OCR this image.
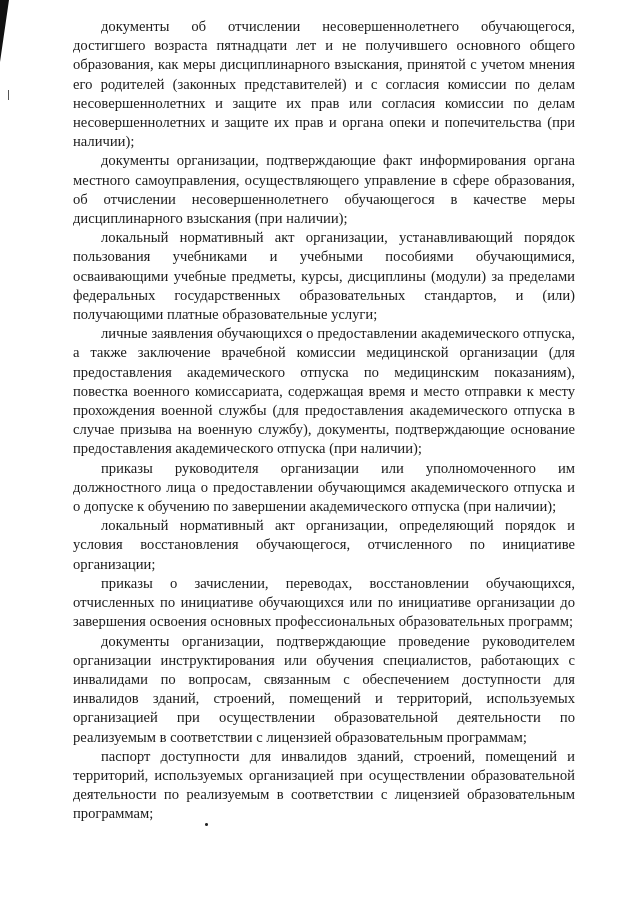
документы об отчислении несовершеннолетнего обучающегося, достигшего возраста пятнадцати лет и не получившего основного общего образования, как меры дисциплинарного взыскания, принятой с учетом мнения его родителей (законных представителей) и с согласия комиссии по делам несовершеннолетних и защите их прав или согласия комиссии по делам несовершеннолетних и защите их прав и органа опеки и попечительства (при наличии);

документы организации, подтверждающие факт информирования органа местного самоуправления, осуществляющего управление в сфере образования, об отчислении несовершеннолетнего обучающегося в качестве меры дисциплинарного взыскания (при наличии);

локальный нормативный акт организации, устанавливающий порядок пользования учебниками и учебными пособиями обучающимися, осваивающими учебные предметы, курсы, дисциплины (модули) за пределами федеральных государственных образовательных стандартов, и (или) получающими платные образовательные услуги;

личные заявления обучающихся о предоставлении академического отпуска, а также заключение врачебной комиссии медицинской организации (для предоставления академического отпуска по медицинским показаниям), повестка военного комиссариата, содержащая время и место отправки к месту прохождения военной службы (для предоставления академического отпуска в случае призыва на военную службу), документы, подтверждающие основание предоставления академического отпуска (при наличии);

приказы руководителя организации или уполномоченного им должностного лица о предоставлении обучающимся академического отпуска и о допуске к обучению по завершении академического отпуска (при наличии);

локальный нормативный акт организации, определяющий порядок и условия восстановления обучающегося, отчисленного по инициативе организации;

приказы о зачислении, переводах, восстановлении обучающихся, отчисленных по инициативе обучающихся или по инициативе организации до завершения освоения основных профессиональных образовательных программ;

документы организации, подтверждающие проведение руководителем организации инструктирования или обучения специалистов, работающих с инвалидами по вопросам, связанным с обеспечением доступности для инвалидов зданий, строений, помещений и территорий, используемых организацией при осуществлении образовательной деятельности по реализуемым в соответствии с лицензией образовательным программам;

паспорт доступности для инвалидов зданий, строений, помещений и территорий, используемых организацией при осуществлении образовательной деятельности по реализуемым в соответствии с лицензией образовательным программам;
